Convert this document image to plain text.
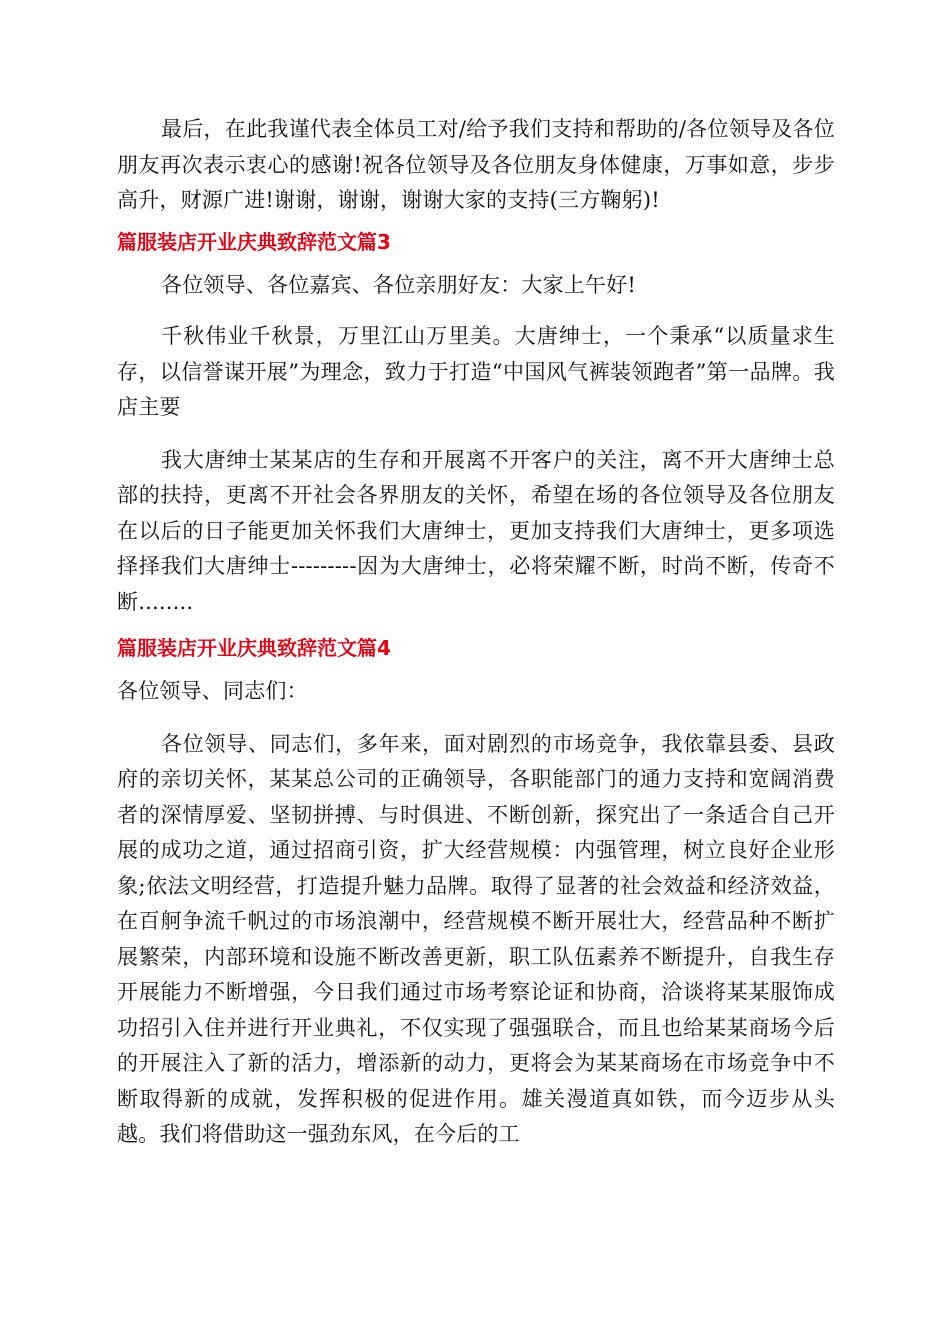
最后，在此我谨代表全体员工对/给予我们支持和帮助的/各位领导及各位朋友再次表示衷心的感谢!祝各位领导及各位朋友身体健康，万事如意，步步高升，财源广进!谢谢，谢谢，谢谢大家的支持(三方鞠躬)!

篇服装店开业庆典致辞范文篇3

各位领导、各位嘉宾、各位亲朋好友：大家上午好!

千秋伟业千秋景，万里江山万里美。大唐绅士，一个秉承“以质量求生存，以信誉谋开展”为理念，致力于打造“中国风气裤装领跑者”第一品牌。我店主要

我大唐绅士某某店的生存和开展离不开客户的关注，离不开大唐绅士总部的扶持，更离不开社会各界朋友的关怀，希望在场的各位领导及各位朋友在以后的日子能更加关怀我们大唐绅士，更加支持我们大唐绅士，更多项选择择我们大唐绅士---------因为大唐绅士，必将荣耀不断，时尚不断，传奇不断........

篇服装店开业庆典致辞范文篇4

各位领导、同志们：

各位领导、同志们，多年来，面对剧烈的市场竞争，我依靠县委、县政府的亲切关怀，某某总公司的正确领导，各职能部门的通力支持和宽阔消费者的深情厚爱、坚韧拼搏、与时俱进、不断创新，探究出了一条适合自己开展的成功之道，通过招商引资，扩大经营规模：内强管理，树立良好企业形象;依法文明经营，打造提升魅力品牌。取得了显著的社会效益和经济效益，在百舸争流千帆过的市场浪潮中，经营规模不断开展壮大，经营品种不断扩展繁荣，内部环境和设施不断改善更新，职工队伍素养不断提升，自我生存开展能力不断增强，今日我们通过市场考察论证和协商，洽谈将某某服饰成功招引入住并进行开业典礼，不仅实现了强强联合，而且也给某某商场今后的开展注入了新的活力，增添新的动力，更将会为某某商场在市场竞争中不断取得新的成就，发挥积极的促进作用。雄关漫道真如铁，而今迈步从头越。我们将借助这一强劲东风，在今后的工
